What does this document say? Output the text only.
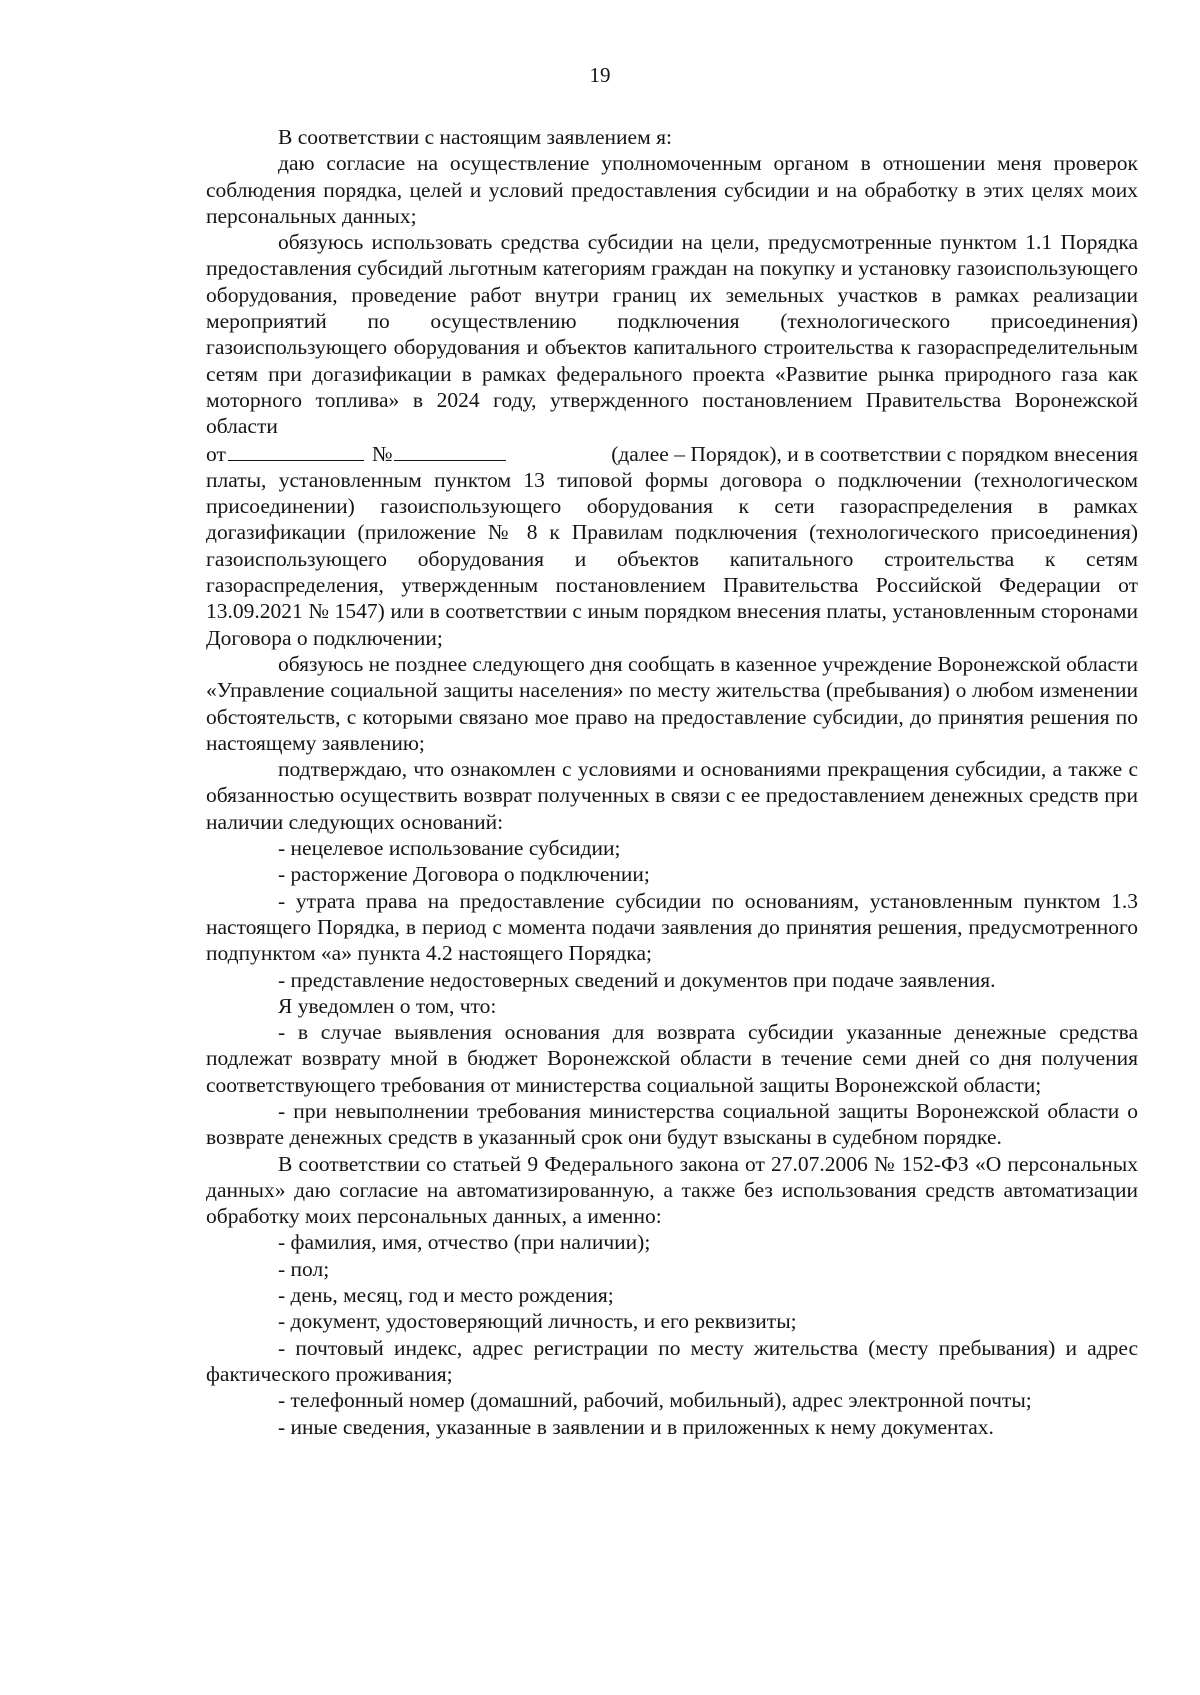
19

В соответствии с настоящим заявлением я:

даю согласие на осуществление уполномоченным органом в отношении меня проверок соблюдения порядка, целей и условий предоставления субсидии и на обработку в этих целях моих персональных данных;

обязуюсь использовать средства субсидии на цели, предусмотренные пунктом 1.1 Порядка предоставления субсидий льготным категориям граждан на покупку и установку газоиспользующего оборудования, проведение работ внутри границ их земельных участков в рамках реализации мероприятий по осуществлению подключения (технологического присоединения) газоиспользующего оборудования и объектов капитального строительства к газораспределительным сетям при догазификации в рамках федерального проекта «Развитие рынка природного газа как моторного топлива» в 2024 году, утвержденного постановлением Правительства Воронежской области

от	№	(далее – Порядок), и в соответствии с порядком внесения

платы, установленным пунктом 13 типовой формы договора о подключении (технологическом присоединении) газоиспользующего оборудования к сети газораспределения в рамках догазификации (приложение № 8 к Правилам подключения (технологического присоединения) газоиспользующего оборудования и объектов капитального строительства к сетям газораспределения, утвержденным постановлением Правительства Российской Федерации от 13.09.2021 № 1547) или в соответствии с иным порядком внесения платы, установленным сторонами Договора о подключении;

обязуюсь не позднее следующего дня сообщать в казенное учреждение Воронежской области «Управление социальной защиты населения» по месту жительства (пребывания) о любом изменении обстоятельств, с которыми связано мое право на предоставление субсидии, до принятия решения по настоящему заявлению;

подтверждаю, что ознакомлен с условиями и основаниями прекращения субсидии, а также с обязанностью осуществить возврат полученных в связи с ее предоставлением денежных средств при наличии следующих оснований:

- нецелевое использование субсидии;

- расторжение Договора о подключении;

- утрата права на предоставление субсидии по основаниям, установленным пунктом 1.3 настоящего Порядка, в период с момента подачи заявления до принятия решения, предусмотренного подпунктом «а» пункта 4.2 настоящего Порядка;

- представление недостоверных сведений и документов при подаче заявления.

Я уведомлен о том, что:

- в случае выявления основания для возврата субсидии указанные денежные средства подлежат возврату мной в бюджет Воронежской области в течение семи дней со дня получения соответствующего требования от министерства социальной защиты Воронежской области;

- при невыполнении требования министерства социальной защиты Воронежской области о возврате денежных средств в указанный срок они будут взысканы в судебном порядке.

В соответствии со статьей 9 Федерального закона от 27.07.2006 № 152-ФЗ «О персональных данных» даю согласие на автоматизированную, а также без использования средств автоматизации обработку моих персональных данных, а именно:

- фамилия, имя, отчество (при наличии);

- пол;

- день, месяц, год и место рождения;

- документ, удостоверяющий личность, и его реквизиты;

- почтовый индекс, адрес регистрации по месту жительства (месту пребывания) и адрес фактического проживания;

- телефонный номер (домашний, рабочий, мобильный), адрес электронной почты;

- иные сведения, указанные в заявлении и в приложенных к нему документах.
